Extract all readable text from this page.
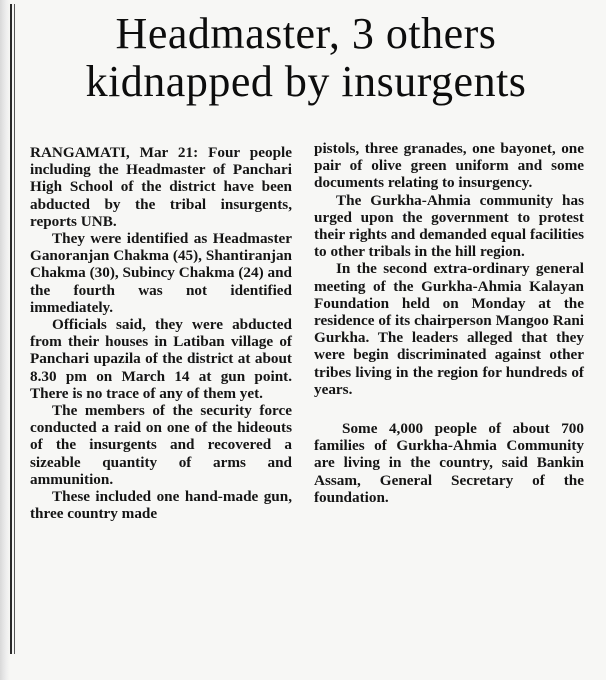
Headmaster, 3 others kidnapped by insurgents

RANGAMATI, Mar 21: Four people including the Headmaster of Panchari High School of the district have been abducted by the tribal insurgents, reports UNB.

They were identified as Headmaster Ganoranjan Chakma (45), Shantiranjan Chakma (30), Subincy Chakma (24) and the fourth was not identified immediately.

Officials said, they were abducted from their houses in Latiban village of Panchari upazila of the district at about 8.30 pm on March 14 at gun point. There is no trace of any of them yet.

The members of the security force conducted a raid on one of the hideouts of the insurgents and recovered a sizeable quantity of arms and ammunition.

These included one hand-made gun, three country made

pistols, three granades, one bayonet, one pair of olive green uniform and some documents relating to insurgency.

The Gurkha-Ahmia community has urged upon the government to protest their rights and demanded equal facilities to other tribals in the hill region.

In the second extra-ordinary general meeting of the Gurkha-Ahmia Kalayan Foundation held on Monday at the residence of its chairperson Mangoo Rani Gurkha. The leaders alleged that they were begin discriminated against other tribes living in the region for hundreds of years.

Some 4,000 people of about 700 families of Gurkha-Ahmia Community are living in the country, said Bankin Assam, General Secretary of the foundation.
